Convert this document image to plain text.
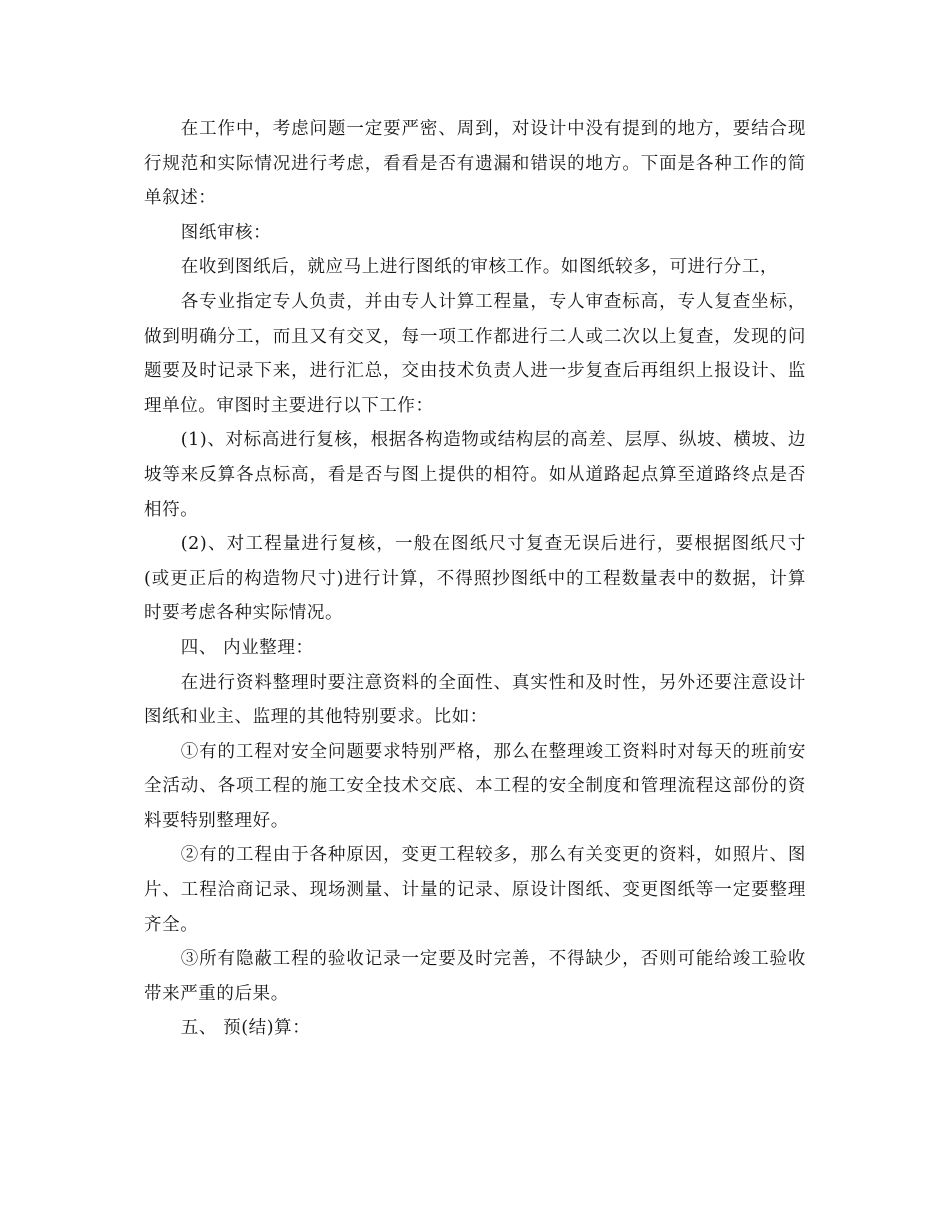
在工作中，考虑问题一定要严密、周到，对设计中没有提到的地方，要结合现行规范和实际情况进行考虑，看看是否有遗漏和错误的地方。下面是各种工作的简单叙述：

图纸审核：

在收到图纸后，就应马上进行图纸的审核工作。如图纸较多，可进行分工，

各专业指定专人负责，并由专人计算工程量，专人审查标高，专人复查坐标，做到明确分工，而且又有交叉，每一项工作都进行二人或二次以上复查，发现的问题要及时记录下来，进行汇总，交由技术负责人进一步复查后再组织上报设计、监理单位。审图时主要进行以下工作：

(1)、对标高进行复核，根据各构造物或结构层的高差、层厚、纵坡、横坡、边坡等来反算各点标高，看是否与图上提供的相符。如从道路起点算至道路终点是否相符。

(2)、对工程量进行复核，一般在图纸尺寸复查无误后进行，要根据图纸尺寸(或更正后的构造物尺寸)进行计算，不得照抄图纸中的工程数量表中的数据，计算时要考虑各种实际情况。

四、 内业整理：

在进行资料整理时要注意资料的全面性、真实性和及时性，另外还要注意设计图纸和业主、监理的其他特别要求。比如：

①有的工程对安全问题要求特别严格，那么在整理竣工资料时对每天的班前安全活动、各项工程的施工安全技术交底、本工程的安全制度和管理流程这部份的资料要特别整理好。

②有的工程由于各种原因，变更工程较多，那么有关变更的资料，如照片、图片、工程洽商记录、现场测量、计量的记录、原设计图纸、变更图纸等一定要整理齐全。

③所有隐蔽工程的验收记录一定要及时完善，不得缺少，否则可能给竣工验收带来严重的后果。

五、 预(结)算：
